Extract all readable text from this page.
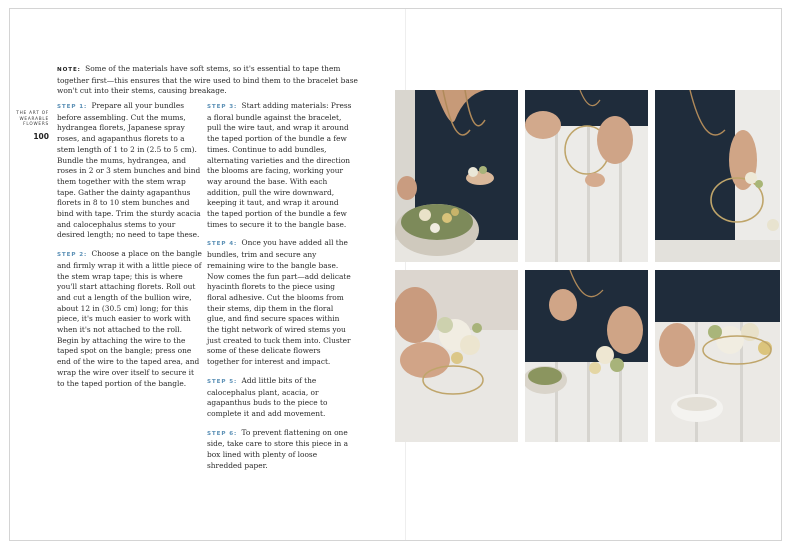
THE ART OF
WEARABLE
FLOWERS
100
NOTE: Some of the materials have soft stems, so it's essential to tape them together first—this ensures that the wire used to bind them to the bracelet base won't cut into their stems, causing breakage.

STEP 1: Prepare all your bundles before assembling. Cut the mums, hydrangea florets, Japanese spray roses, and agapanthus florets to a stem length of 1 to 2 in (2.5 to 5 cm). Bundle the mums, hydrangea, and roses in 2 or 3 stem bunches and bind them together with the stem wrap tape. Gather the dainty agapanthus florets in 8 to 10 stem bunches and bind with tape. Trim the sturdy acacia and calocephalus stems to your desired length; no need to tape these.

STEP 2: Choose a place on the bangle and firmly wrap it with a little piece of the stem wrap tape; this is where you'll start attaching florets. Roll out and cut a length of the bullion wire, about 12 in (30.5 cm) long; for this piece, it's much easier to work with when it's not attached to the roll. Begin by attaching the wire to the taped spot on the bangle; press one end of the wire to the taped area, and wrap the wire over itself to secure it to the taped portion of the bangle.

STEP 3: Start adding materials: Press a floral bundle against the bracelet, pull the wire taut, and wrap it around the taped portion of the bundle a few times. Continue to add bundles, alternating varieties and the direction the blooms are facing, working your way around the base. With each addition, pull the wire downward, keeping it taut, and wrap it around the taped portion of the bundle a few times to secure it to the bangle base.

STEP 4: Once you have added all the bundles, trim and secure any remaining wire to the bangle base. Now comes the fun part—add delicate hyacinth florets to the piece using floral adhesive. Cut the blooms from their stems, dip them in the floral glue, and find secure spaces within the tight network of wired stems you just created to tuck them into. Cluster some of these delicate flowers together for interest and impact.

STEP 5: Add little bits of the calocephalus plant, acacia, or agapanthus buds to the piece to complete it and add movement.

STEP 6: To prevent flattening on one side, take care to store this piece in a box lined with plenty of loose shredded paper.
